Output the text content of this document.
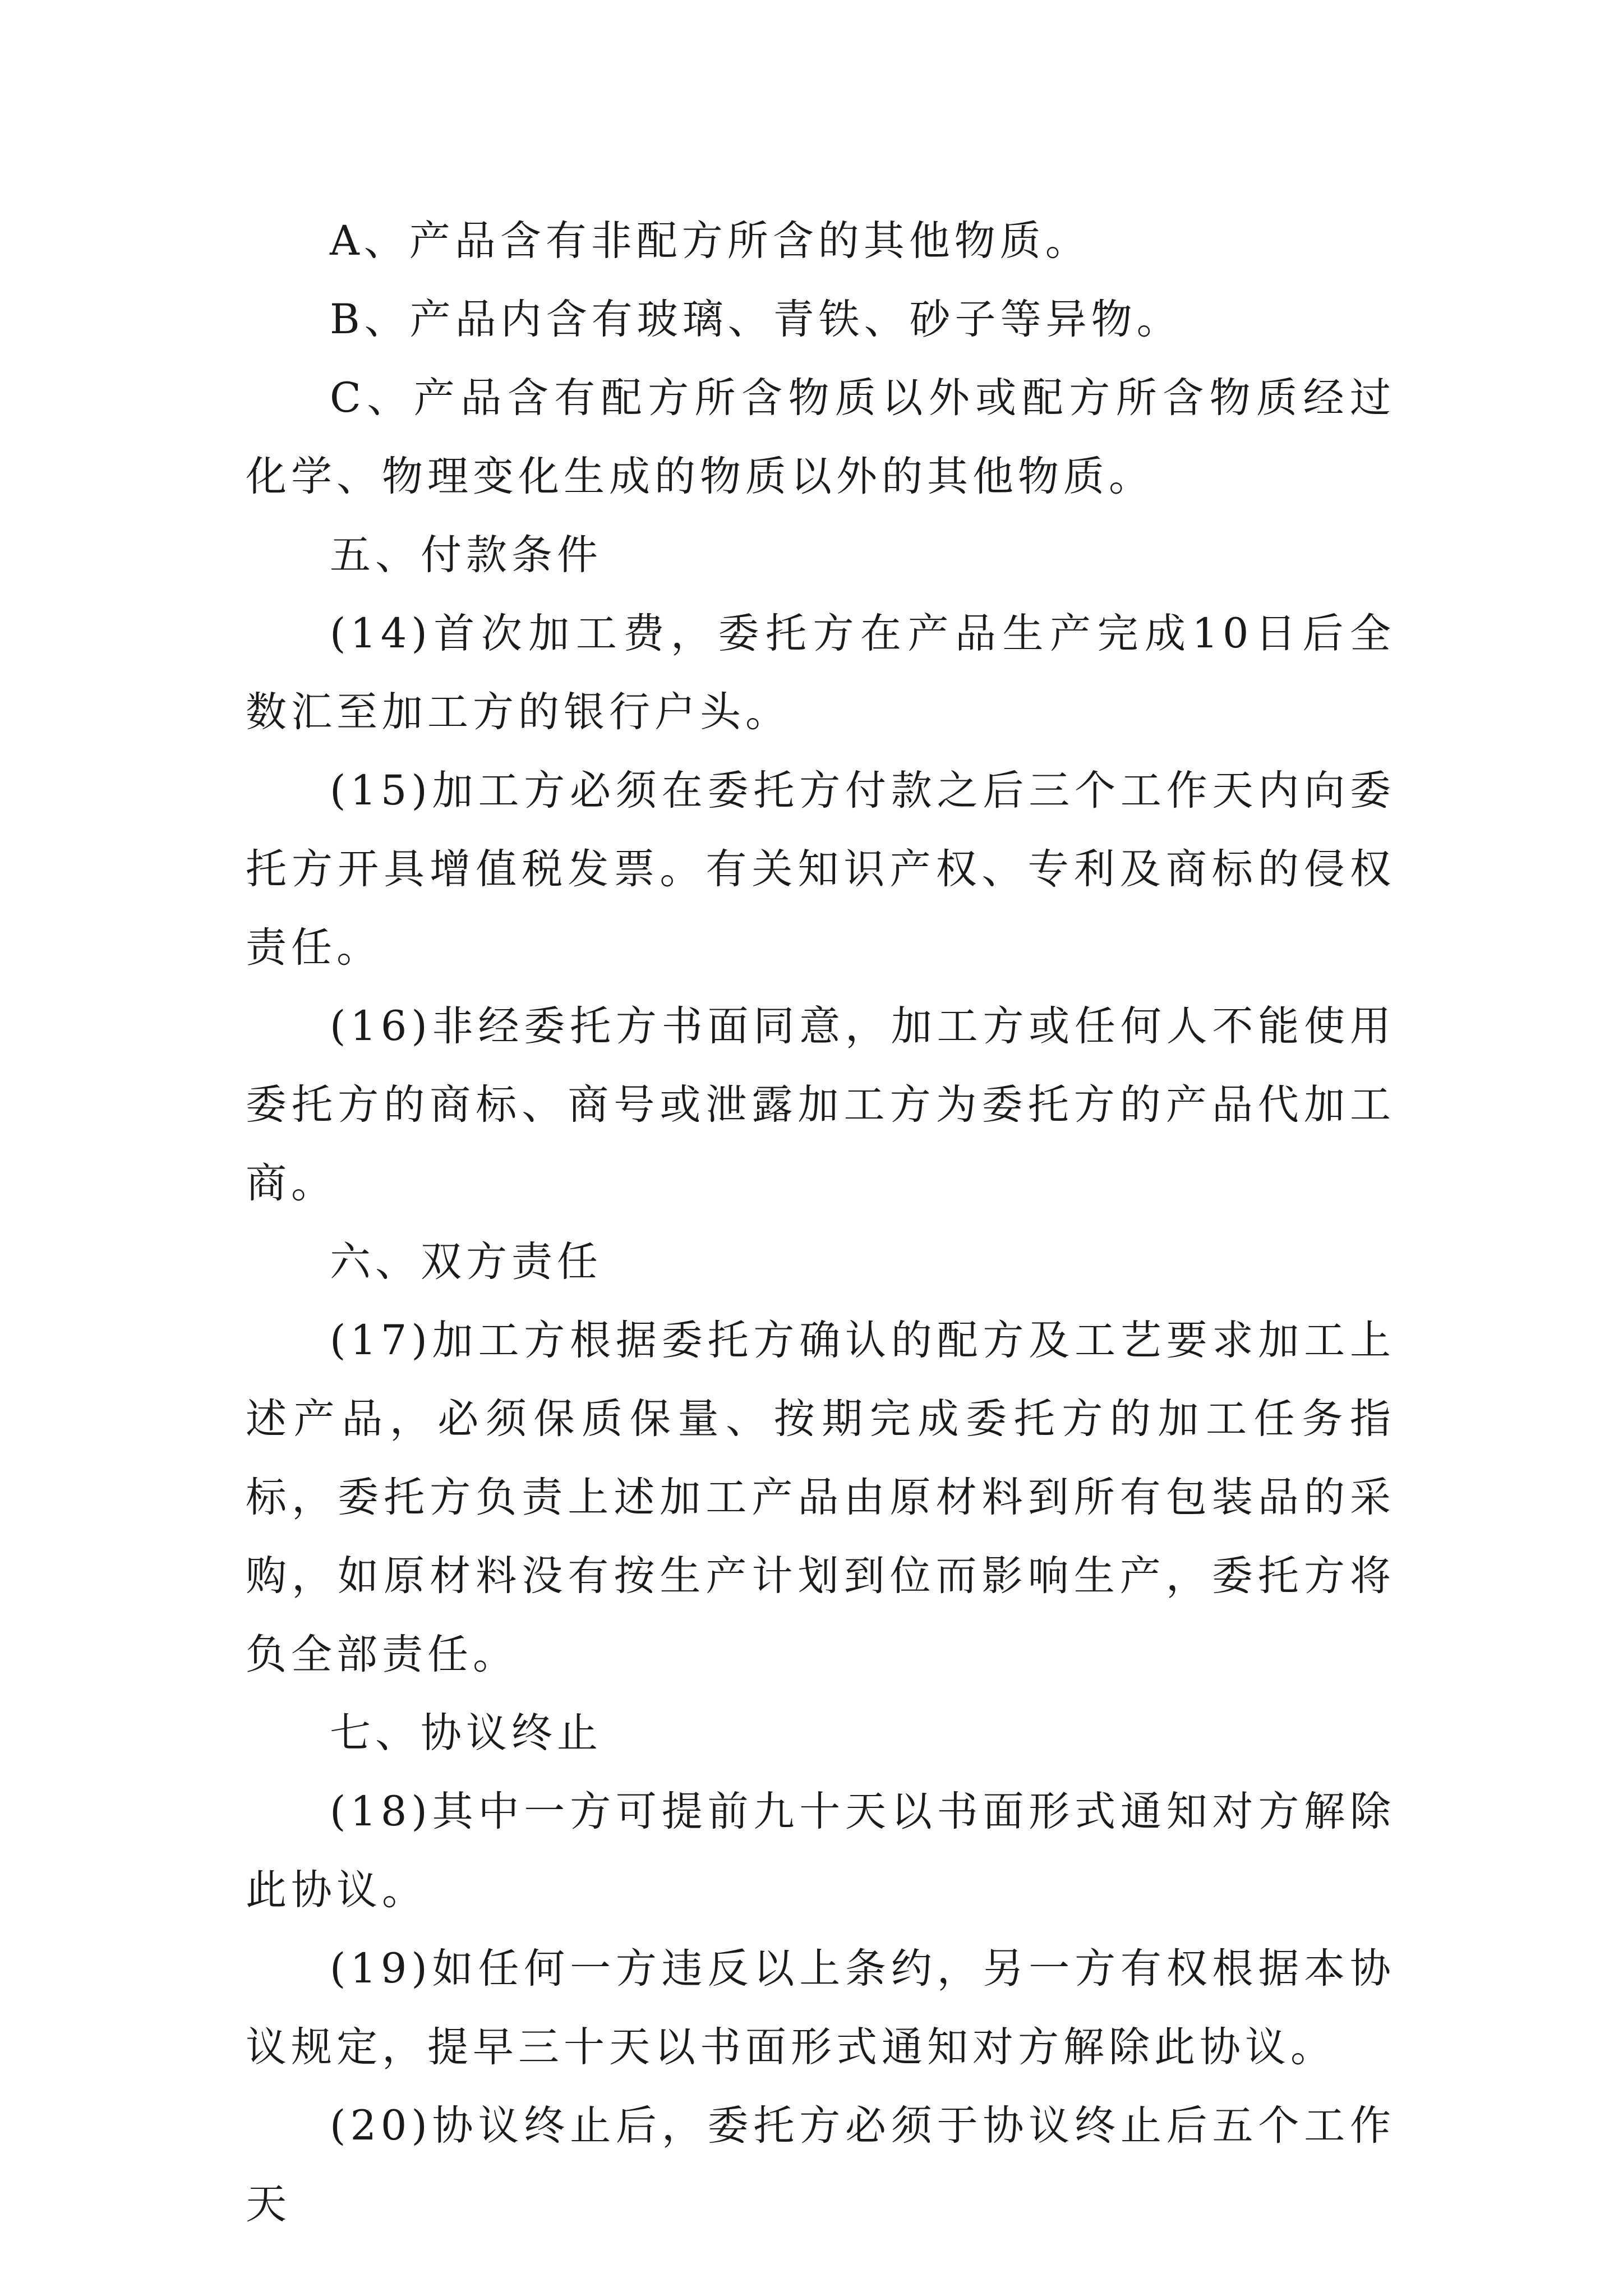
A、产品含有非配方所含的其他物质。

B、产品内含有玻璃、青铁、砂子等异物。

C、产品含有配方所含物质以外或配方所含物质经过化学、物理变化生成的物质以外的其他物质。

五、付款条件

(14)首次加工费，委托方在产品生产完成10日后全数汇至加工方的银行户头。

(15)加工方必须在委托方付款之后三个工作天内向委托方开具增值税发票。有关知识产权、专利及商标的侵权责任。

(16)非经委托方书面同意，加工方或任何人不能使用委托方的商标、商号或泄露加工方为委托方的产品代加工商。

六、双方责任

(17)加工方根据委托方确认的配方及工艺要求加工上述产品，必须保质保量、按期完成委托方的加工任务指标，委托方负责上述加工产品由原材料到所有包装品的采购，如原材料没有按生产计划到位而影响生产，委托方将负全部责任。

七、协议终止

(18)其中一方可提前九十天以书面形式通知对方解除此协议。

(19)如任何一方违反以上条约，另一方有权根据本协议规定，提早三十天以书面形式通知对方解除此协议。

(20)协议终止后，委托方必须于协议终止后五个工作天
